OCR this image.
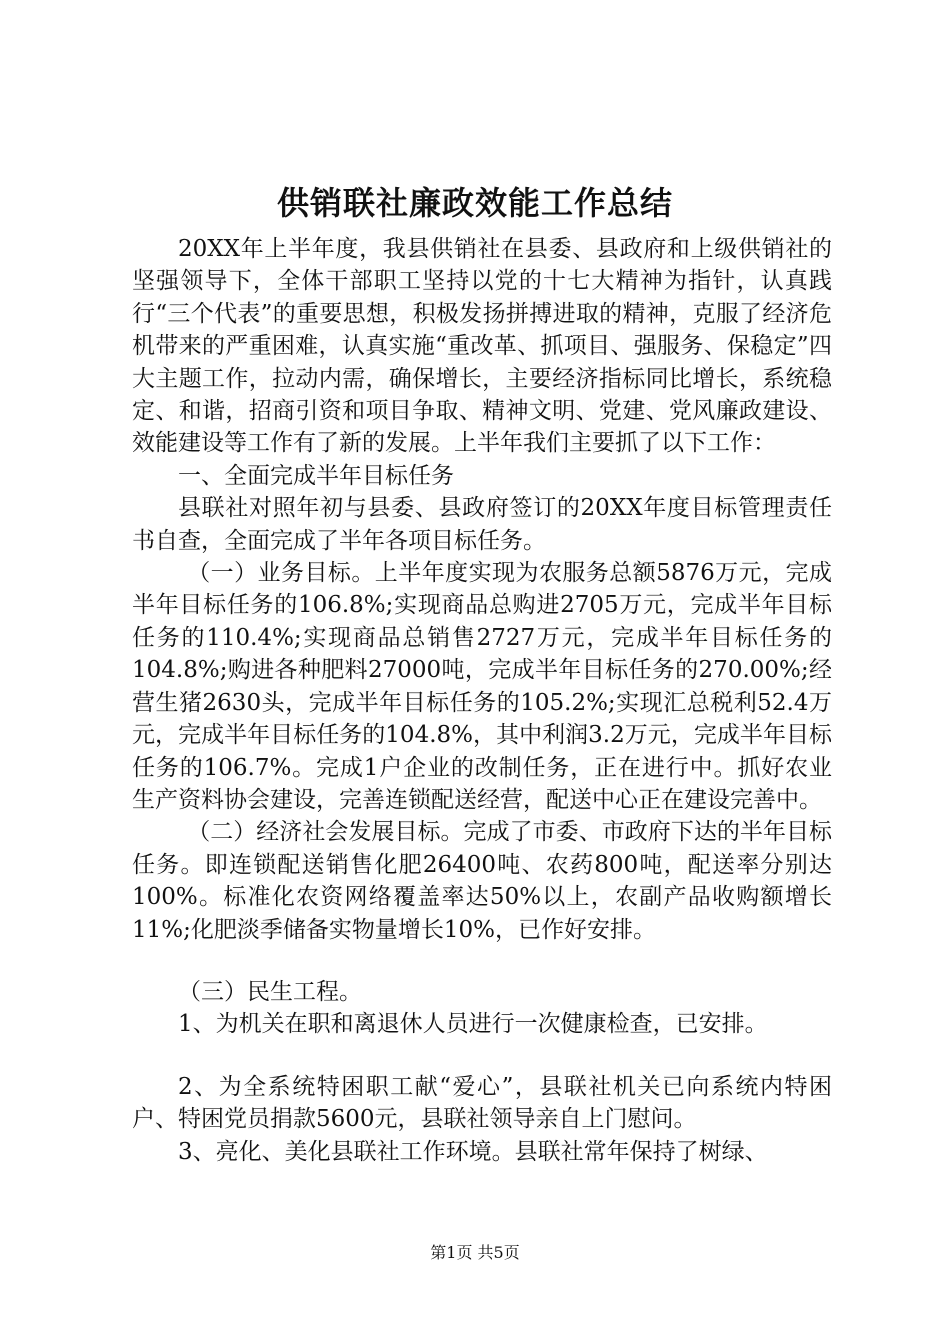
供销联社廉政效能工作总结

20XX年上半年度，我县供销社在县委、县政府和上级供销社的坚强领导下，全体干部职工坚持以党的十七大精神为指针，认真践行“三个代表”的重要思想，积极发扬拼搏进取的精神，克服了经济危机带来的严重困难，认真实施“重改革、抓项目、强服务、保稳定”四大主题工作，拉动内需，确保增长，主要经济指标同比增长，系统稳定、和谐，招商引资和项目争取、精神文明、党建、党风廉政建设、效能建设等工作有了新的发展。上半年我们主要抓了以下工作：

一、全面完成半年目标任务

县联社对照年初与县委、县政府签订的20XX年度目标管理责任书自查，全面完成了半年各项目标任务。

（一）业务目标。上半年度实现为农服务总额5876万元，完成半年目标任务的106.8%;实现商品总购进2705万元，完成半年目标任务的110.4%;实现商品总销售2727万元，完成半年目标任务的104.8%;购进各种肥料27000吨，完成半年目标任务的270.00%;经营生猪2630头，完成半年目标任务的105.2%;实现汇总税利52.4万元，完成半年目标任务的104.8%，其中利润3.2万元，完成半年目标任务的106.7%。完成1户企业的改制任务，正在进行中。抓好农业生产资料协会建设，完善连锁配送经营，配送中心正在建设完善中。

（二）经济社会发展目标。完成了市委、市政府下达的半年目标任务。即连锁配送销售化肥26400吨、农药800吨，配送率分别达100%。标准化农资网络覆盖率达50%以上，农副产品收购额增长11%;化肥淡季储备实物量增长10%，已作好安排。

（三）民生工程。

1、为机关在职和离退休人员进行一次健康检查，已安排。

2、为全系统特困职工献“爱心”，县联社机关已向系统内特困户、特困党员捐款5600元，县联社领导亲自上门慰问。

3、亮化、美化县联社工作环境。县联社常年保持了树绿、

第1页 共5页
